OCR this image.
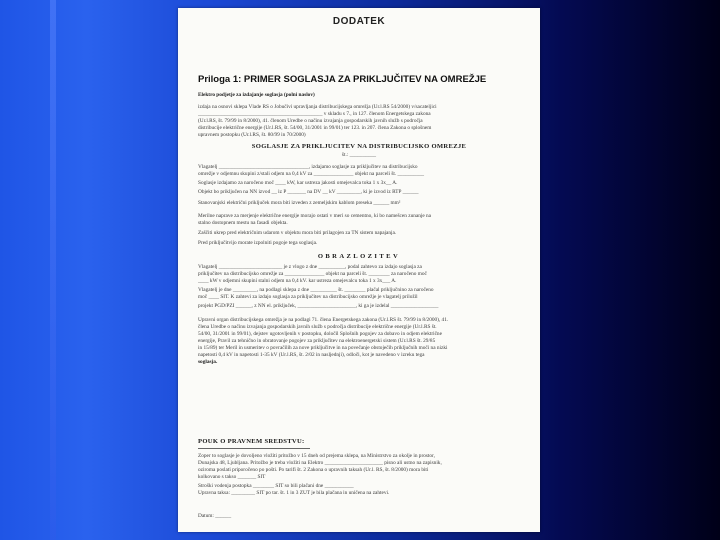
DODATEK
Priloga 1: PRIMER SOGLASJA ZA PRIKLJUČITEV NA OMREŽJE
Elektro podjetje za izdajanje soglasja (polni naslov)
izdaja na osnovi sklepa Vlade RS o Jobučivi upravljanja distribucijskega omrežja (Ur.l.RS 54/2000) v/sacateljici
_______________________________________________ v skladu s 7., in 127. členom Energetskega zakona
(Ur.l.RS, št. 79/99 in 8/2000), 41. členom Uredbe o načinu izvajanja gospodarskih javnih služb s področja
distribucije električne energije (Ur.l.RS, št. 54/00, 31/2001 in 99/01) ter 123. in 207. člena Zakona o splošnem
upravnem postopku (Ur.l.RS, št. 80/99 in 70/2000)
SOGLASJE ZA PRIKLJUČITEV NA DISTRIBUCIJSKO OMREŽJE
št.: __________
Vlagatelj __________________________________, izdajamo soglasje za priključitev na distribucijsko
omrežje v odjemnu skupini z/stali odjem na 0,4 kV za _______________ objekt na parceli št. __________
Soglasje izdajamo za naročeno moč ____ kW, kar ustreza jakosti omejevalca toka 1 x 3x__ A.
Objekt bo priključen na NN izvod __ iz P _______ na DV __ kV _________, ki je izvod iz RTP ______
Stanovanjski električni priključek mora biti izveden z zemeljskim kablom preseka ______ mm²
Merilne naprave za merjenje električne energije morajo ostati v meri so cementno, ki bo namešcen zunanje na
stalno dostopnem mestu na fasadi objekta.
Zaščiti ukrep pred električnim udarom v objektu mora biti prilagojen za TN sistem napajanja.
Pred priključitvijo morate izpolniti pogoje tega soglasja.
OBRAZLOŽITEV
Vlagatelj ________________________ je z vlogo z dne __________, podal zahtevo za izdajo soglasja za
priključitev na distribucijsko omrežje za _______________ objekt na parceli št. ________ za naročeno moč
____ kW v odjemni skupini stalni odjem na 0,4 kV. kar ustreza omejevalcu toka 1 x 3x___ A.
Vlagatelj je dne _________, na podlagi sklepa z dne __________ št. ________ plačal priključnino za naročeno
moč ____ SIT. K zahtevi za izdajo soglasja za priključitev na distribucijsko omrežje je vlagatelj priložil
projekt PGD/PZI ______, z NN el. priključek, ______________________, ki ga je izdelal __________________
Upravni organ distribucijskega omrežja je na podlagi 71. člena Energetskega zakona (Ur.l.RS št. 79/99 in 8/2000), 41.
člena Uredbe o načinu izvajanja gospodarskih javnih služb s področja distribucije električne energije (Ur.l.RS št.
54/00, 31/2001 in 99/01), dejstev ugotovljenih v postopku, določil Splošnih pogojev za dobavo in odjem električne
energije, Pravil za tehnično in obratovanje pogojev za priključitev na elektroenergetski sistem (Ur.l.RS št. 29/85
in 15/89) ter Meril in usmeritev o povračilih za nove priključitve in na povečanje obstoječih priključnih moči na nizki
napetosti 0,4 kV in napetosti 1-35 kV (Ur.l.RS, št. 2/02 in nasljednji), odloči, kot je navedeno v izreku tega
soglasja.
POUK O PRAVNEM SREDSTVU:
Zoper to soglasje je dovoljeno vložiti pritožbo v 15 dneh od prejema sklepa, na Ministrstvo za okolje in prostor,
Dunajska 48, Ljubljana. Pritožbo je treba vložiti na Elektro ______________________ pisno ali ustno na zapisnik,
oziroma poslati priporočeno po pošti. Po tarifi št. 2 Zakona o upravnih taksah (Ur.l. RS, št. 8/2000) mora biti
kolkovano s takso _______ SIT
Stroški vodenja postopka ________ SIT so bili plačani dne ___________
Upravna taksa: _________ SIT po tar. št. 1 in 3 ZUT je bila plačana in uničena na zahtevi.
Datum: ______
